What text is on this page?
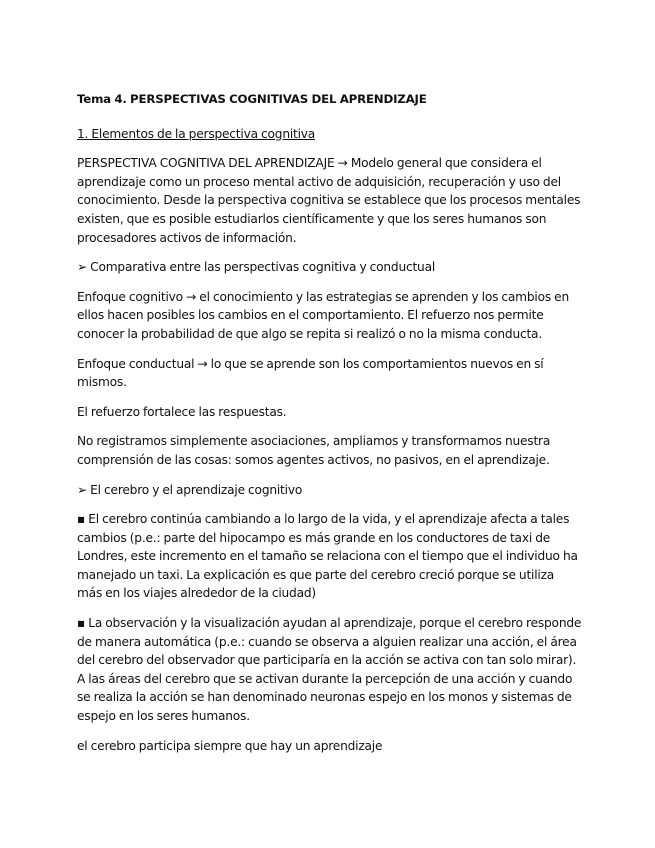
Tema 4. PERSPECTIVAS COGNITIVAS DEL APRENDIZAJE

1. Elementos de la perspectiva cognitiva

PERSPECTIVA COGNITIVA DEL APRENDIZAJE → Modelo general que considera el aprendizaje como un proceso mental activo de adquisición, recuperación y uso del conocimiento. Desde la perspectiva cognitiva se establece que los procesos mentales existen, que es posible estudiarlos científicamente y que los seres humanos son procesadores activos de información.

➢ Comparativa entre las perspectivas cognitiva y conductual

Enfoque cognitivo → el conocimiento y las estrategias se aprenden y los cambios en ellos hacen posibles los cambios en el comportamiento. El refuerzo nos permite conocer la probabilidad de que algo se repita si realizó o no la misma conducta.

Enfoque conductual → lo que se aprende son los comportamientos nuevos en sí mismos.

El refuerzo fortalece las respuestas.

No registramos simplemente asociaciones, ampliamos y transformamos nuestra comprensión de las cosas: somos agentes activos, no pasivos, en el aprendizaje.

➢ El cerebro y el aprendizaje cognitivo

▪ El cerebro continúa cambiando a lo largo de la vida, y el aprendizaje afecta a tales cambios (p.e.: parte del hipocampo es más grande en los conductores de taxi de Londres, este incremento en el tamaño se relaciona con el tiempo que el individuo ha manejado un taxi. La explicación es que parte del cerebro creció porque se utiliza más en los viajes alrededor de la ciudad)

▪ La observación y la visualización ayudan al aprendizaje, porque el cerebro responde de manera automática (p.e.: cuando se observa a alguien realizar una acción, el área del cerebro del observador que participaría en la acción se activa con tan solo mirar). A las áreas del cerebro que se activan durante la percepción de una acción y cuando se realiza la acción se han denominado neuronas espejo en los monos y sistemas de espejo en los seres humanos.

el cerebro participa siempre que hay un aprendizaje
